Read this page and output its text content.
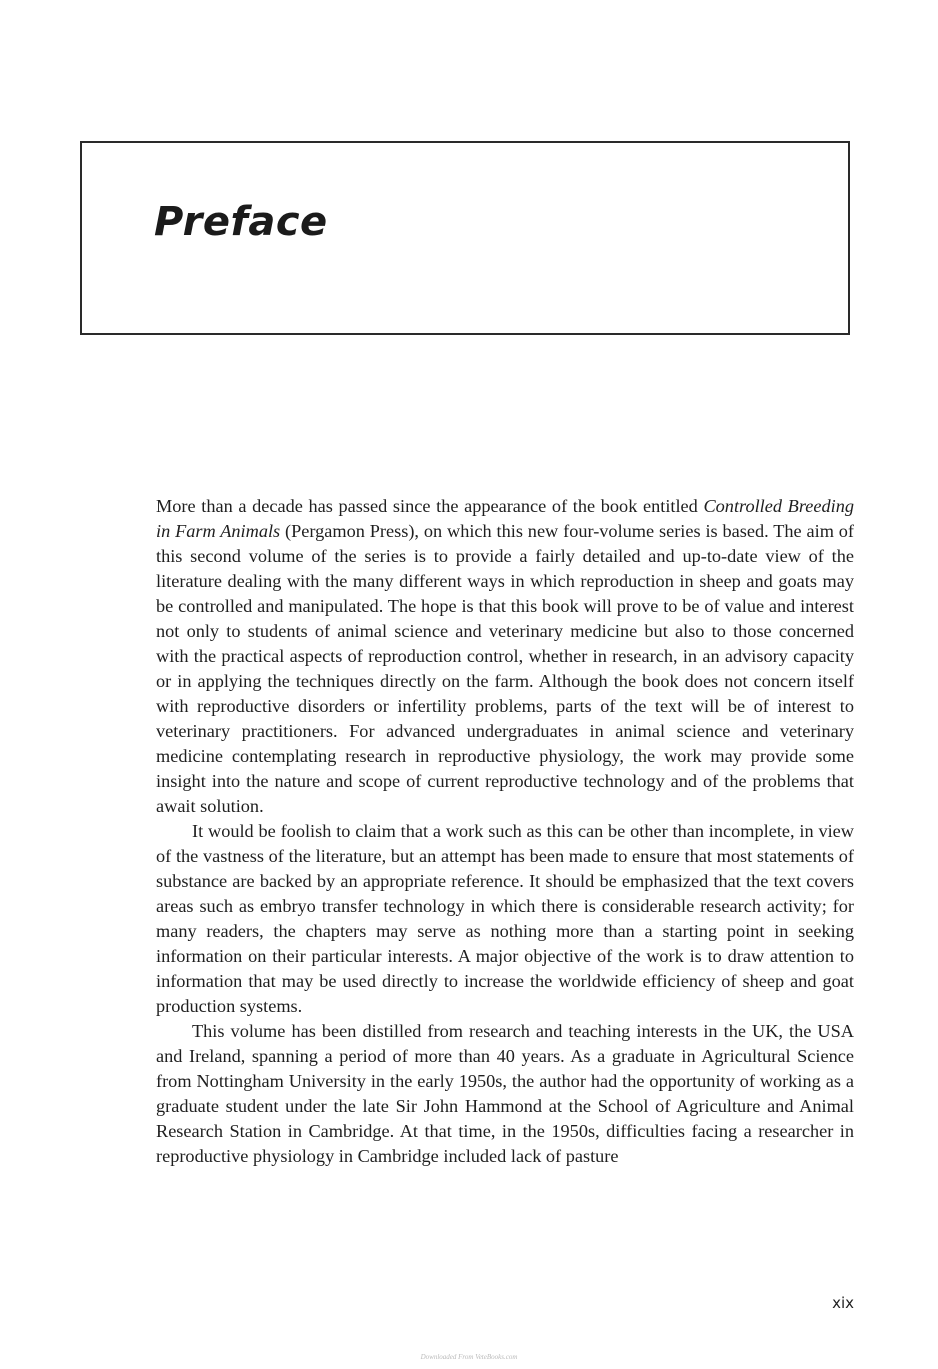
Preface

More than a decade has passed since the appearance of the book entitled Controlled Breeding in Farm Animals (Pergamon Press), on which this new four-volume series is based. The aim of this second volume of the series is to provide a fairly detailed and up-to-date view of the literature dealing with the many different ways in which reproduction in sheep and goats may be controlled and manipulated. The hope is that this book will prove to be of value and interest not only to students of animal science and veterinary medicine but also to those concerned with the practical aspects of reproduction control, whether in research, in an advisory capacity or in applying the techniques directly on the farm. Although the book does not concern itself with reproductive disorders or infertility problems, parts of the text will be of interest to veterinary practitioners. For advanced undergraduates in animal science and veterinary medicine contemplating research in reproductive physiology, the work may provide some insight into the nature and scope of current reproductive technology and of the problems that await solution.

It would be foolish to claim that a work such as this can be other than incomplete, in view of the vastness of the literature, but an attempt has been made to ensure that most statements of substance are backed by an appropriate reference. It should be emphasized that the text covers areas such as embryo transfer technology in which there is considerable research activity; for many readers, the chapters may serve as nothing more than a starting point in seeking information on their particular interests. A major objective of the work is to draw attention to information that may be used directly to increase the worldwide efficiency of sheep and goat production systems.

This volume has been distilled from research and teaching interests in the UK, the USA and Ireland, spanning a period of more than 40 years. As a graduate in Agricultural Science from Nottingham University in the early 1950s, the author had the opportunity of working as a graduate student under the late Sir John Hammond at the School of Agriculture and Animal Research Station in Cambridge. At that time, in the 1950s, difficulties facing a researcher in reproductive physiology in Cambridge included lack of pasture

xix
Downloaded From VeteBooks.com
